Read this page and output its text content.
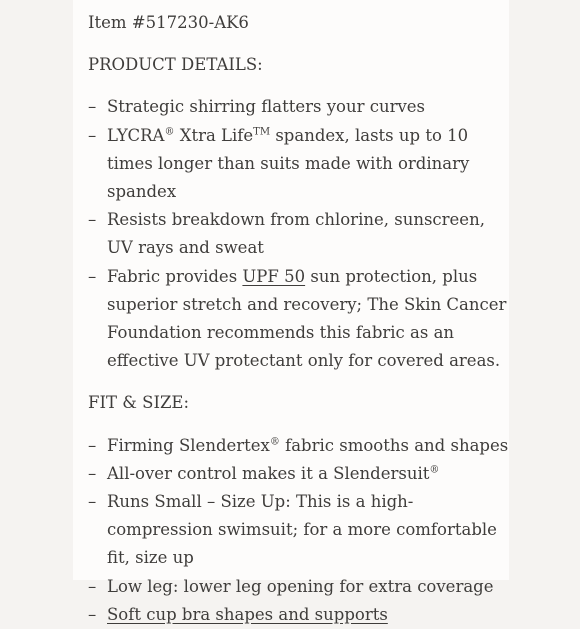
Item #517230-AK6

PRODUCT DETAILS:

– Strategic shirring flatters your curves
– LYCRA® Xtra Life™ spandex, lasts up to 10 times longer than suits made with ordinary spandex
– Resists breakdown from chlorine, sunscreen, UV rays and sweat
– Fabric provides UPF 50 sun protection, plus superior stretch and recovery; The Skin Cancer Foundation recommends this fabric as an effective UV protectant only for covered areas.

FIT & SIZE:

– Firming Slendertex® fabric smooths and shapes
– All-over control makes it a Slendersuit®
– Runs Small – Size Up: This is a high-compression swimsuit; for a more comfortable fit, size up
– Low leg: lower leg opening for extra coverage
– Soft cup bra shapes and supports
